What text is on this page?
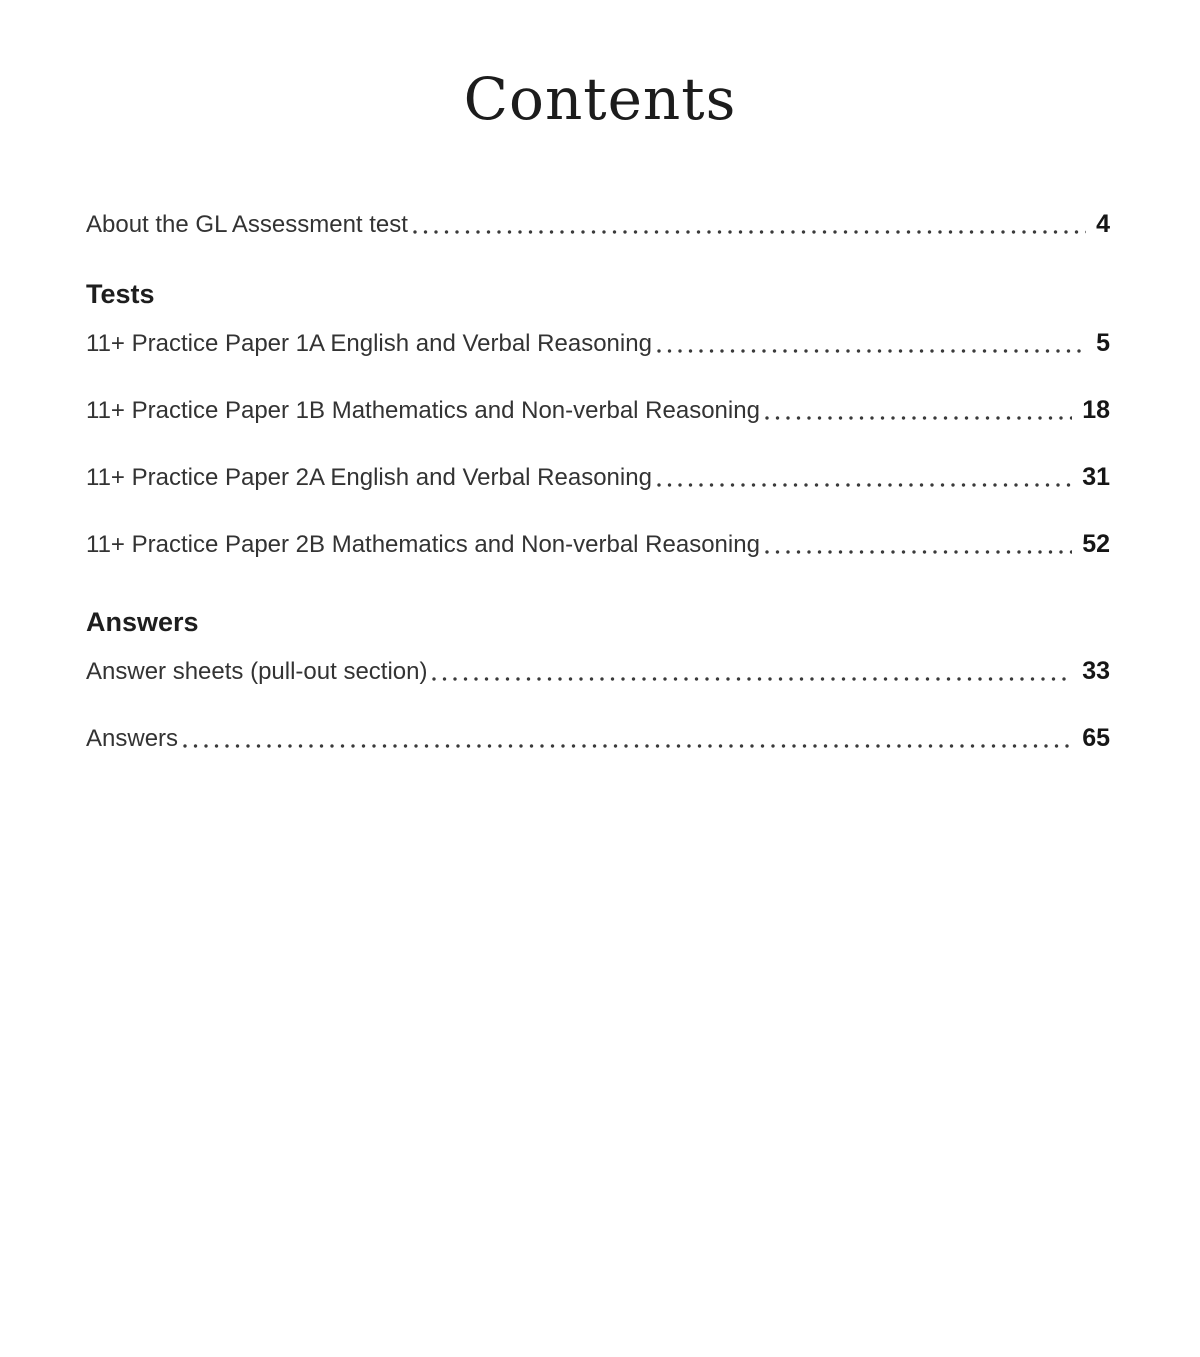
Contents
About the GL Assessment test	4
Tests
11+ Practice Paper 1A English and Verbal Reasoning	5
11+ Practice Paper 1B Mathematics and Non-verbal Reasoning	18
11+ Practice Paper 2A English and Verbal Reasoning	31
11+ Practice Paper 2B Mathematics and Non-verbal Reasoning	52
Answers
Answer sheets (pull-out section)	33
Answers	65
